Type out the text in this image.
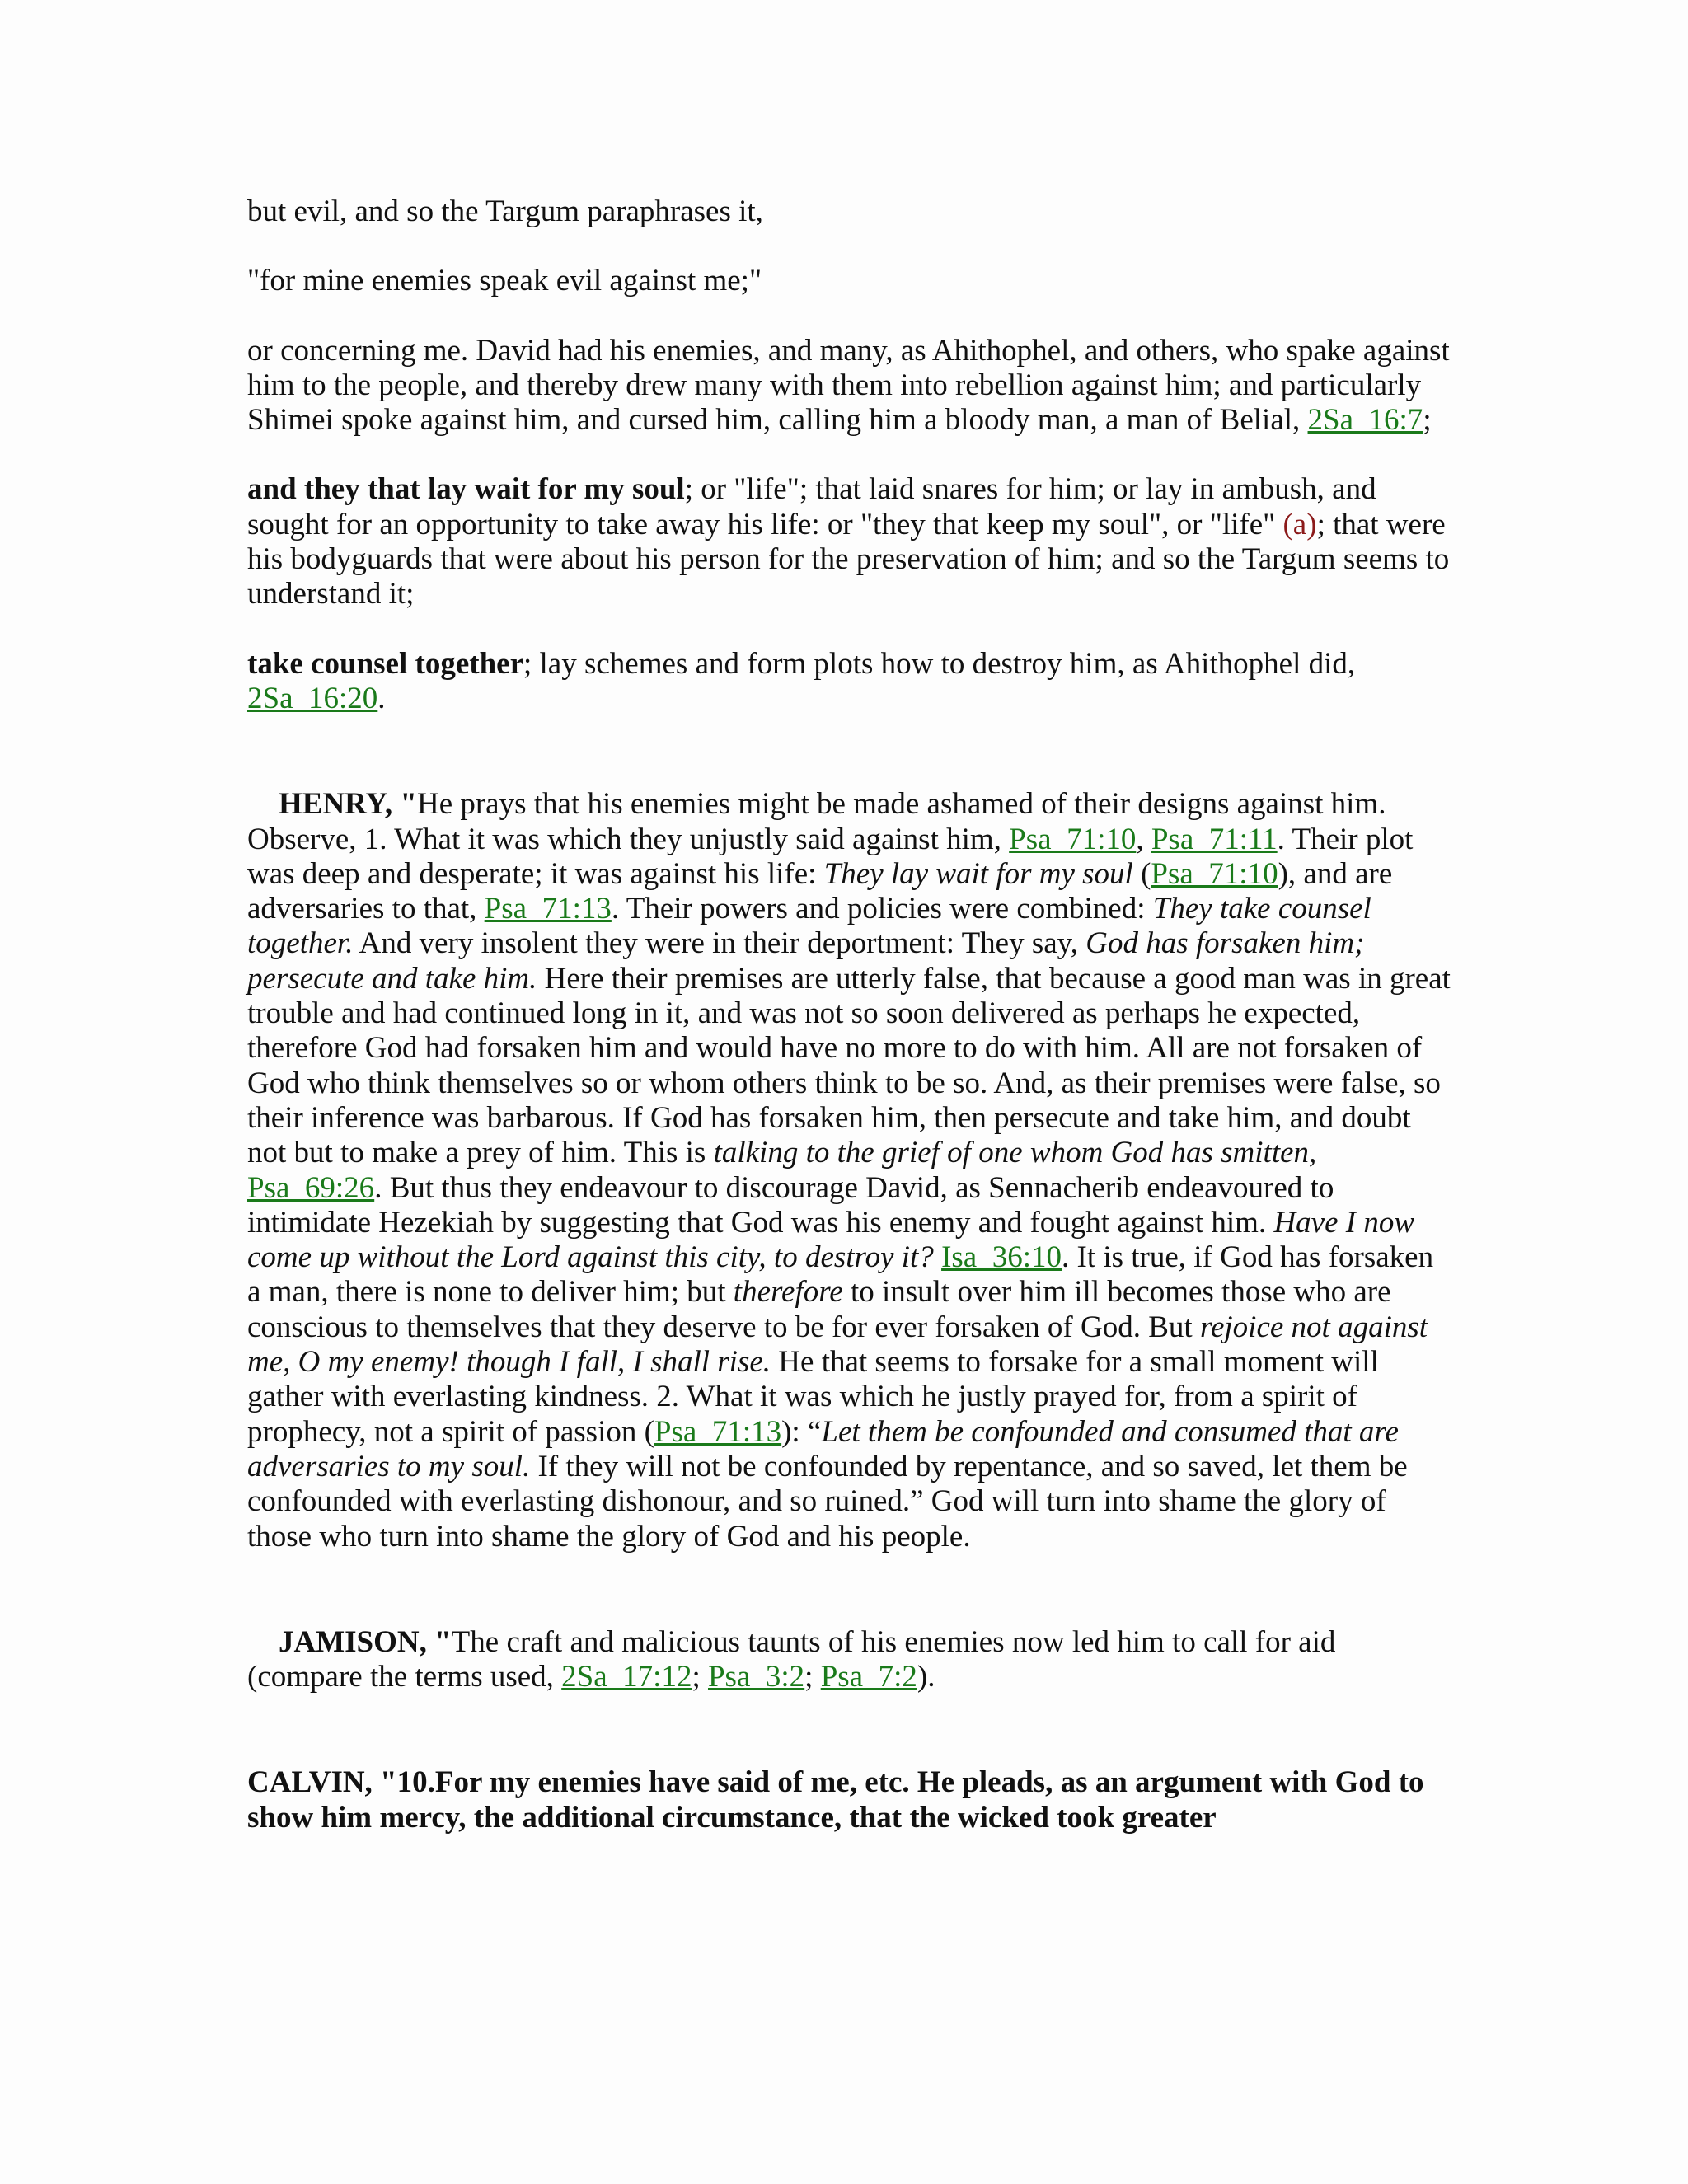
but evil, and so the Targum paraphrases it,

"for mine enemies speak evil against me;"

or concerning me. David had his enemies, and many, as Ahithophel, and others, who spake against him to the people, and thereby drew many with them into rebellion against him; and particularly Shimei spoke against him, and cursed him, calling him a bloody man, a man of Belial, 2Sa_16:7;

and they that lay wait for my soul; or "life"; that laid snares for him; or lay in ambush, and sought for an opportunity to take away his life: or "they that keep my soul", or "life" (a); that were his bodyguards that were about his person for the preservation of him; and so the Targum seems to understand it;

take counsel together; lay schemes and form plots how to destroy him, as Ahithophel did, 2Sa_16:20.

HENRY, "He prays that his enemies might be made ashamed of their designs against him. Observe, 1. What it was which they unjustly said against him, Psa_71:10, Psa_71:11. Their plot was deep and desperate; it was against his life: They lay wait for my soul (Psa_71:10), and are adversaries to that, Psa_71:13. Their powers and policies were combined: They take counsel together. And very insolent they were in their deportment: They say, God has forsaken him; persecute and take him. Here their premises are utterly false, that because a good man was in great trouble and had continued long in it, and was not so soon delivered as perhaps he expected, therefore God had forsaken him and would have no more to do with him. All are not forsaken of God who think themselves so or whom others think to be so. And, as their premises were false, so their inference was barbarous. If God has forsaken him, then persecute and take him, and doubt not but to make a prey of him. This is talking to the grief of one whom God has smitten, Psa_69:26. But thus they endeavour to discourage David, as Sennacherib endeavoured to intimidate Hezekiah by suggesting that God was his enemy and fought against him. Have I now come up without the Lord against this city, to destroy it? Isa_36:10. It is true, if God has forsaken a man, there is none to deliver him; but therefore to insult over him ill becomes those who are conscious to themselves that they deserve to be for ever forsaken of God. But rejoice not against me, O my enemy! though I fall, I shall rise. He that seems to forsake for a small moment will gather with everlasting kindness. 2. What it was which he justly prayed for, from a spirit of prophecy, not a spirit of passion (Psa_71:13): “Let them be confounded and consumed that are adversaries to my soul. If they will not be confounded by repentance, and so saved, let them be confounded with everlasting dishonour, and so ruined.” God will turn into shame the glory of those who turn into shame the glory of God and his people.

JAMISON, "The craft and malicious taunts of his enemies now led him to call for aid (compare the terms used, 2Sa_17:12; Psa_3:2; Psa_7:2).

CALVIN, "10.For my enemies have said of me, etc. He pleads, as an argument with God to show him mercy, the additional circumstance, that the wicked took greater
